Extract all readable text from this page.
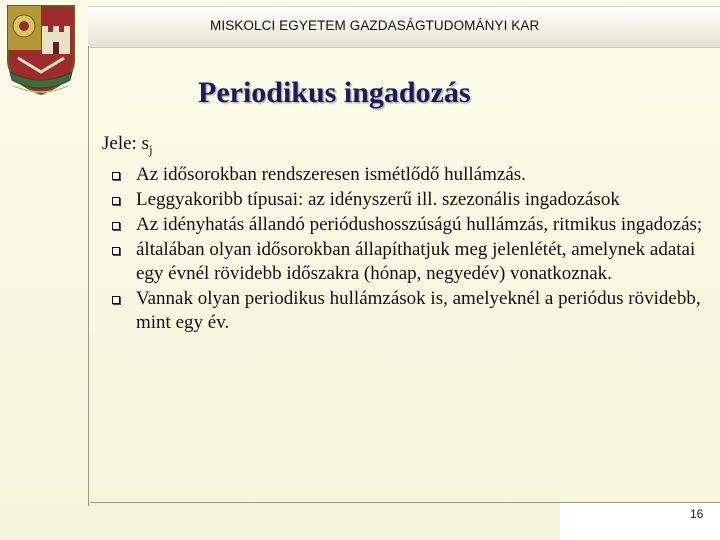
MISKOLCI EGYETEM GAZDASÁGTUDOMÁNYI KAR
16
Periodikus ingadozás
Jele: $s_j$
Az idősorokban rendszeresen ismétlődő hullámzás.
Leggyakoribb típusai: az idényszerű ill. szezonális ingadozások
Az idényhatás állandó periódushosszúságú hullámzás, ritmikus ingadozás;
általában olyan idősorokban állapíthatjuk meg jelenlétét, amelynek adatai egy évnél rövidebb időszakra (hónap, negyedév) vonatkoznak.
Vannak olyan periodikus hullámzások is, amelyeknél a periódus rövidebb, mint egy év.
